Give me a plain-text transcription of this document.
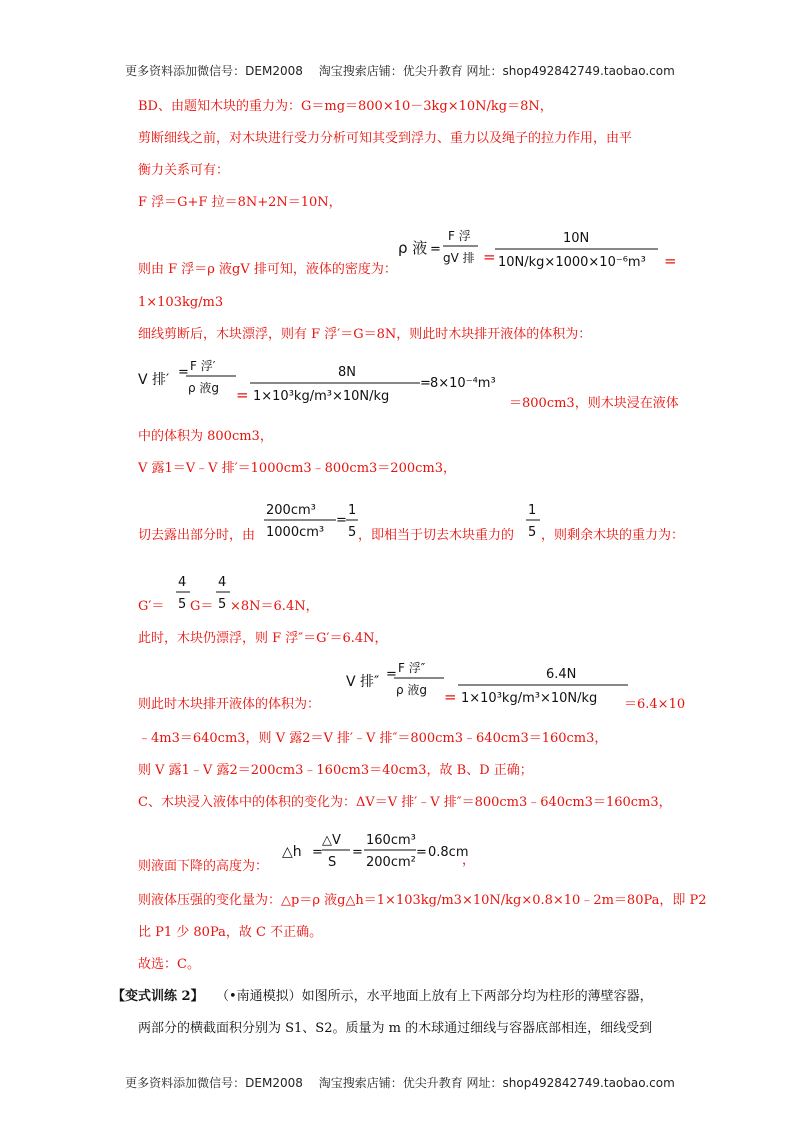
更多资料添加微信号：DEM2008　 淘宝搜索店铺：优尖升教育 网址：shop492842749.taobao.com
更多资料添加微信号：DEM2008　 淘宝搜索店铺：优尖升教育 网址：shop492842749.taobao.com
BD、由题知木块的重力为：G＝mg＝800×10－3kg×10N/kg＝8N，
剪断细线之前，对木块进行受力分析可知其受到浮力、重力以及绳子的拉力作用，由平
衡力关系可有：
F 浮＝G+F 拉＝8N+2N＝10N，
则由 F 浮＝ρ 液gV 排可知，液体的密度为：
ρ 液 =
F 浮
gV 排 =
10N
10N/kg×1000×10⁻⁶m³ =
1×103kg/m3
细线剪断后，木块漂浮，则有 F 浮′＝G＝8N，则此时木块排开液体的体积为：
V 排′ = F 浮′
ρ 液g =
8N
1×10³kg/m³×10N/kg
= 8×10⁻⁴m³
＝800cm3，则木块浸在液体
中的体积为 800cm3，
V 露1＝V﹣V 排′＝1000cm3﹣800cm3＝200cm3，
200cm³
1000cm³
=
1
5
切去露出部分时，由	，即相当于切去木块重力的
1
5 ，则剩余木块的重力为：
G′＝
4
5 G＝
4
5 ×8N＝6.4N，
此时，木块仍漂浮，则 F 浮″＝G′＝6.4N，
则此时木块排开液体的体积为：
V 排″ = F 浮″
ρ 液g =
6.4N
1×10³kg/m³×10N/kg ＝6.4×10
﹣4m3＝640cm3，则 V 露2＝V 排′﹣V 排″＝800cm3﹣640cm3＝160cm3，
则 V 露1﹣V 露2＝200cm3﹣160cm3＝40cm3，故 B、D 正确；
C、木块浸入液体中的体积的变化为：ΔV＝V 排′﹣V 排″＝800cm3﹣640cm3＝160cm3，
则液面下降的高度为：
△h =
△V
S
=
160cm³
200cm²
= 0.8cm
，
则液体压强的变化量为：△p＝ρ 液g△h＝1×103kg/m3×10N/kg×0.8×10﹣2m＝80Pa，即 P2
比 P1 少 80Pa，故 C 不正确。
故选：C。
【变式训练 2】 （•南通模拟）如图所示，水平地面上放有上下两部分均为柱形的薄壁容器，
两部分的横截面积分别为 S1、S2。质量为 m 的木球通过细线与容器底部相连，细线受到
